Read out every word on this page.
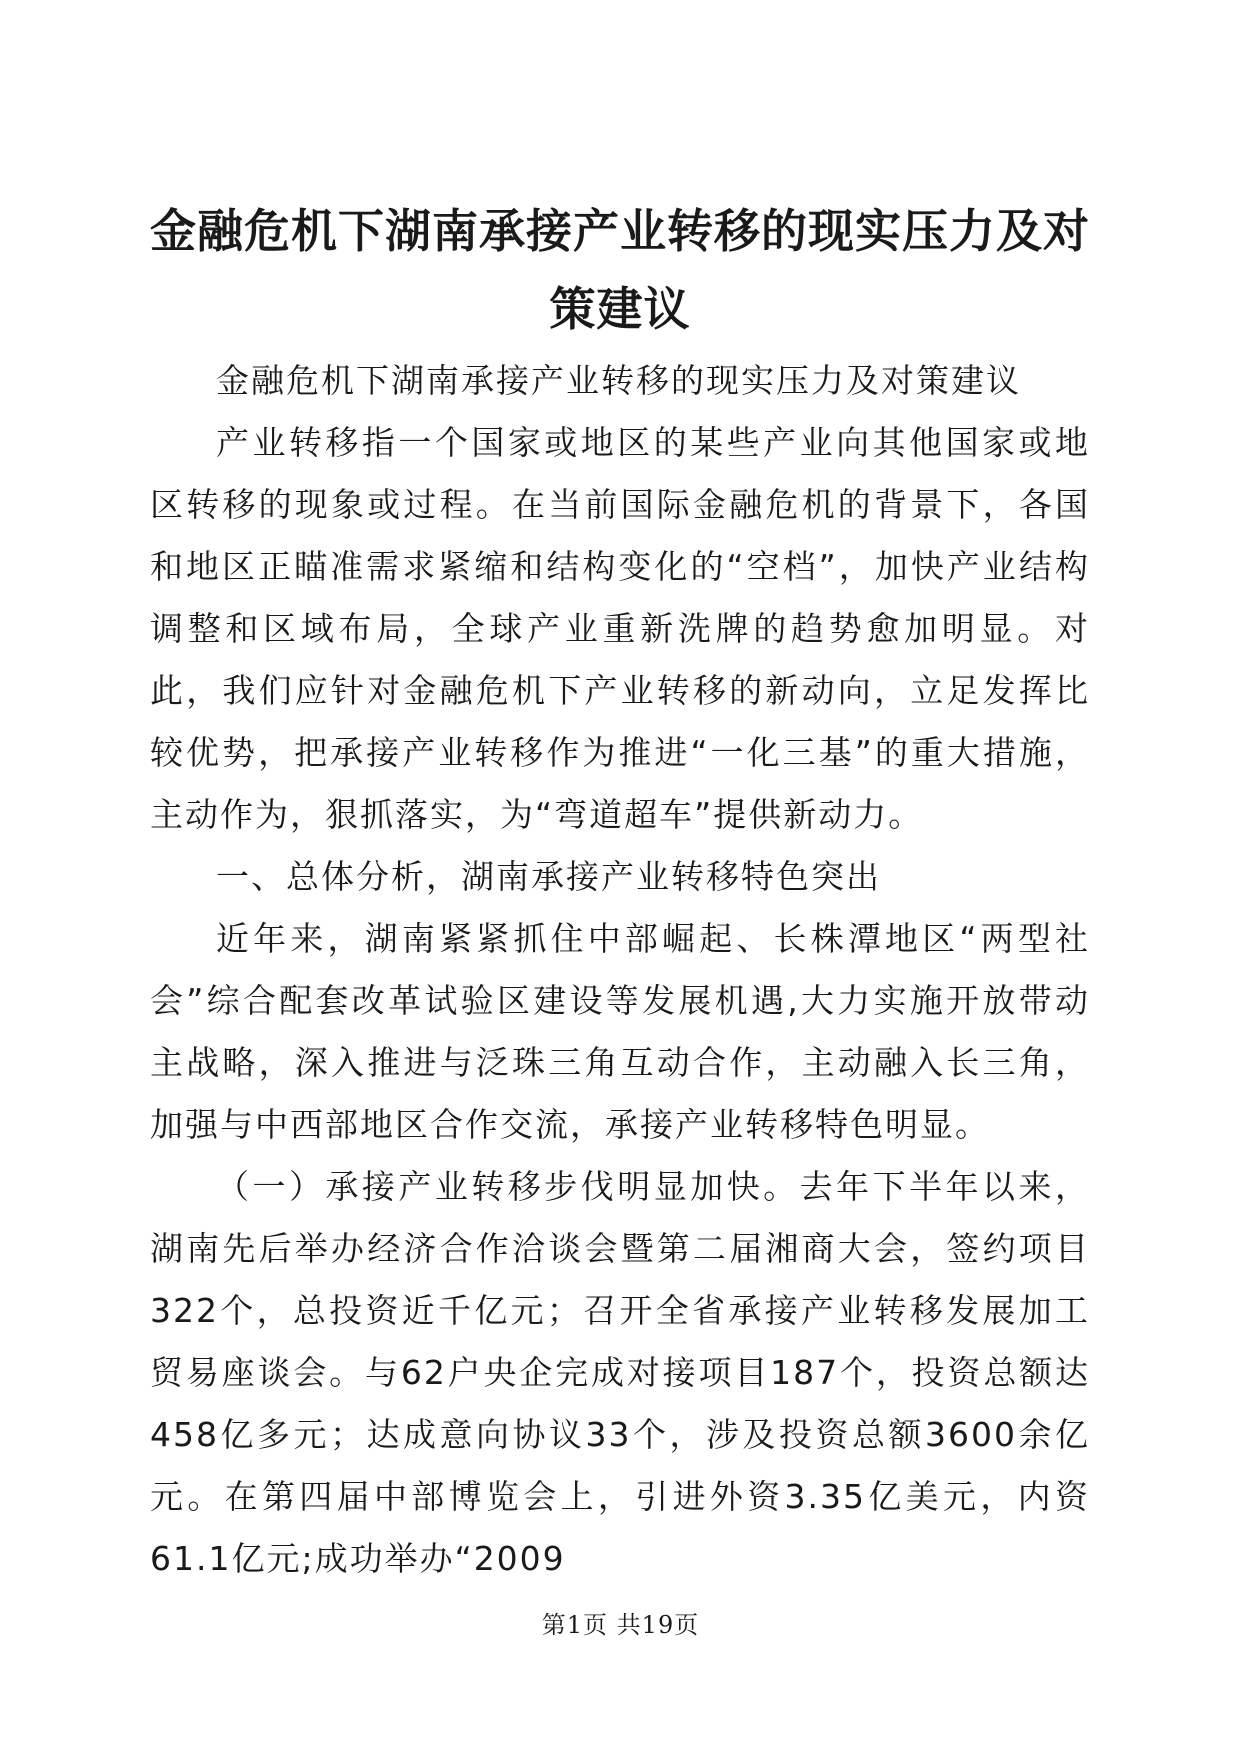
金融危机下湖南承接产业转移的现实压力及对策建议

金融危机下湖南承接产业转移的现实压力及对策建议

产业转移指一个国家或地区的某些产业向其他国家或地区转移的现象或过程。在当前国际金融危机的背景下，各国和地区正瞄准需求紧缩和结构变化的“空档”，加快产业结构调整和区域布局，全球产业重新洗牌的趋势愈加明显。对此，我们应针对金融危机下产业转移的新动向，立足发挥比较优势，把承接产业转移作为推进“一化三基”的重大措施，主动作为，狠抓落实，为“弯道超车”提供新动力。

一、总体分析，湖南承接产业转移特色突出

近年来，湖南紧紧抓住中部崛起、长株潭地区“两型社会”综合配套改革试验区建设等发展机遇,大力实施开放带动主战略，深入推进与泛珠三角互动合作，主动融入长三角，加强与中西部地区合作交流，承接产业转移特色明显。

（一）承接产业转移步伐明显加快。去年下半年以来，湖南先后举办经济合作洽谈会暨第二届湘商大会，签约项目322个，总投资近千亿元；召开全省承接产业转移发展加工贸易座谈会。与62户央企完成对接项目187个，投资总额达458亿多元；达成意向协议33个，涉及投资总额3600余亿元。在第四届中部博览会上，引进外资3.35亿美元，内资61.1亿元;成功举办“2009

第1页 共19页
